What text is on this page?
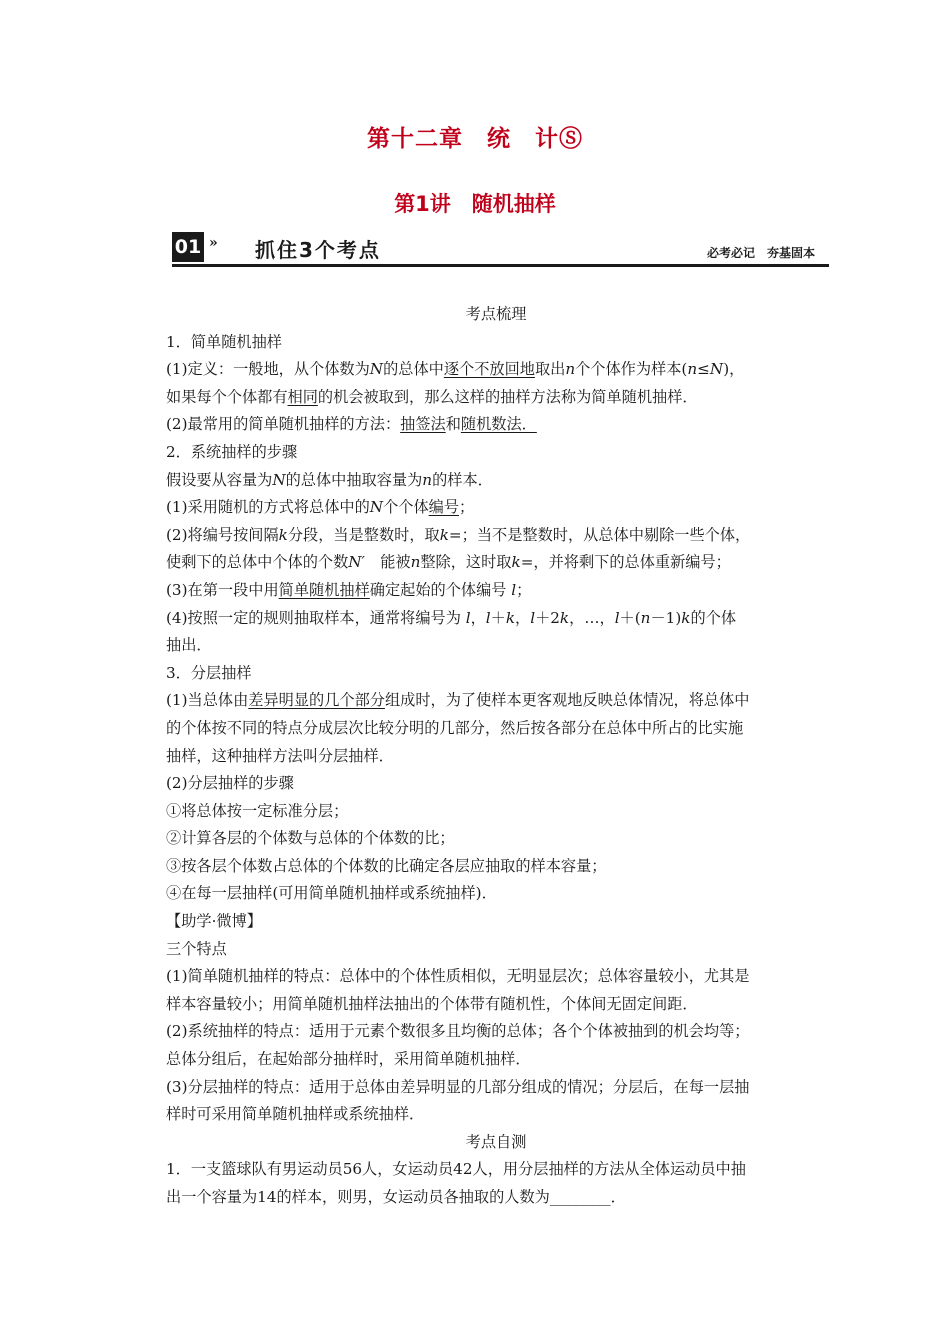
第十二章　统　计Ⓢ
第1讲　随机抽样
01 » 抓住3个考点	必考必记　夯基固本

考点梳理

1．简单随机抽样

(1)定义：一般地，从个体数为N的总体中逐个不放回地取出n个个体作为样本(n≤N)，
如果每个个体都有相同的机会被取到，那么这样的抽样方法称为简单随机抽样．

(2)最常用的简单随机抽样的方法：抽签法和随机数法．

2．系统抽样的步骤

假设要从容量为N的总体中抽取容量为n的样本．

(1)采用随机的方式将总体中的N个个体编号；

(2)将编号按间隔k分段，当是整数时，取k=；当不是整数时，从总体中剔除一些个体，
使剩下的总体中个体的个数N′  能被n整除，这时取k=，并将剩下的总体重新编号；

(3)在第一段中用简单随机抽样确定起始的个体编号 l；

(4)按照一定的规则抽取样本，通常将编号为 l，l＋k，l＋2k，…，l＋(n－1)k的个体
抽出．

3．分层抽样

(1)当总体由差异明显的几个部分组成时，为了使样本更客观地反映总体情况，将总体中
的个体按不同的特点分成层次比较分明的几部分，然后按各部分在总体中所占的比实施
抽样，这种抽样方法叫分层抽样．

(2)分层抽样的步骤

①将总体按一定标准分层；

②计算各层的个体数与总体的个体数的比；

③按各层个体数占总体的个体数的比确定各层应抽取的样本容量；

④在每一层抽样(可用简单随机抽样或系统抽样)．

【助学·微博】

三个特点

(1)简单随机抽样的特点：总体中的个体性质相似，无明显层次；总体容量较小，尤其是

样本容量较小；用简单随机抽样法抽出的个体带有随机性，个体间无固定间距．

(2)系统抽样的特点：适用于元素个数很多且均衡的总体；各个个体被抽到的机会均等；

总体分组后，在起始部分抽样时，采用简单随机抽样．

(3)分层抽样的特点：适用于总体由差异明显的几部分组成的情况；分层后，在每一层抽

样时可采用简单随机抽样或系统抽样．

考点自测

1．一支篮球队有男运动员56人，女运动员42人，用分层抽样的方法从全体运动员中抽
出一个容量为14的样本，则男，女运动员各抽取的人数为________．
